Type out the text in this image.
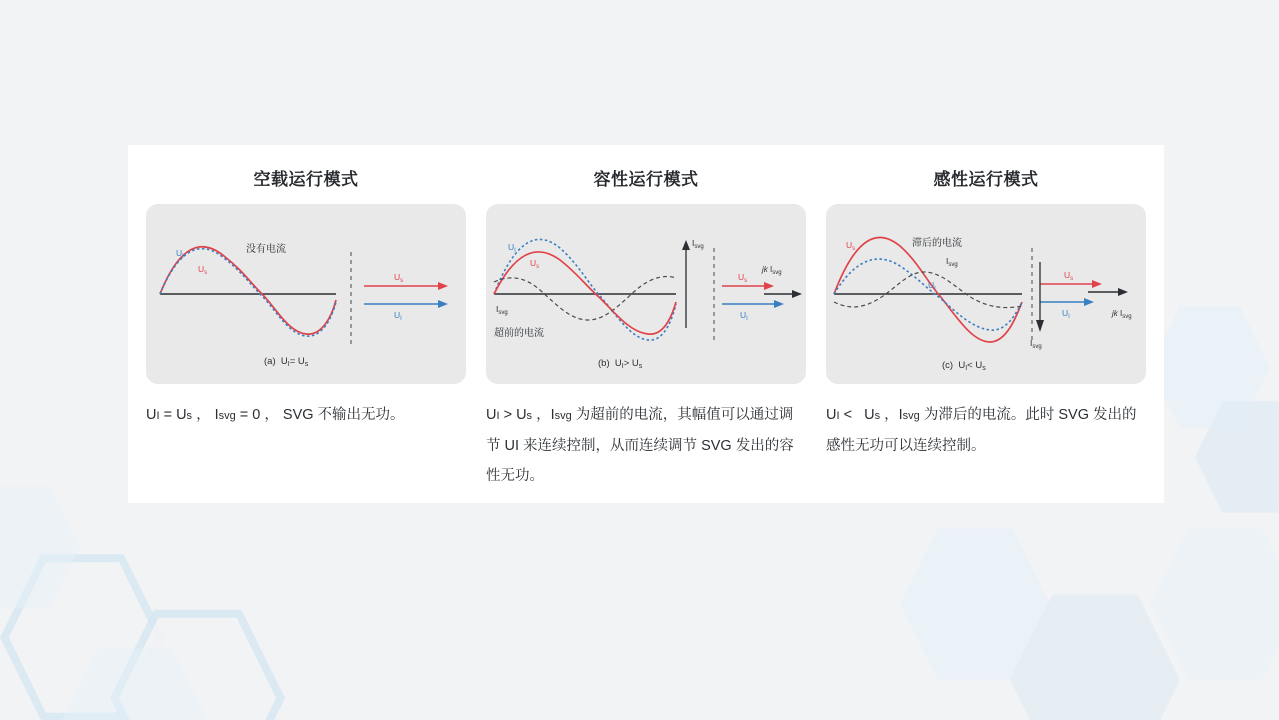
空载运行模式
$U_I$
$U_s$
没有电流
$U_s$
$U_I$
(a)  $U_I= U_s$
UI = Us ， Isvg = 0 ， SVG 不输出无功。
容性运行模式
$U_I$
$U_s$
$I_{svg}$
超前的电流
$I_{svg}$
$U_s$
$U_I$
jk $I_{svg}$
(b)  $U_I> U_s$
UI > Us ，Isvg 为超前的电流，其幅值可以通过调节 UI 来连续控制，从而连续调节 SVG 发出的容性无功。
感性运行模式
$U_s$
$U_I$
$I_{svg}$
滞后的电流
$U_s$
$U_I$	jk $I_{svg}$
$I_{svg}$
(c)  $U_I< U_s$
UI <   Us ，Isvg 为滞后的电流。此时 SVG 发出的感性无功可以连续控制。
